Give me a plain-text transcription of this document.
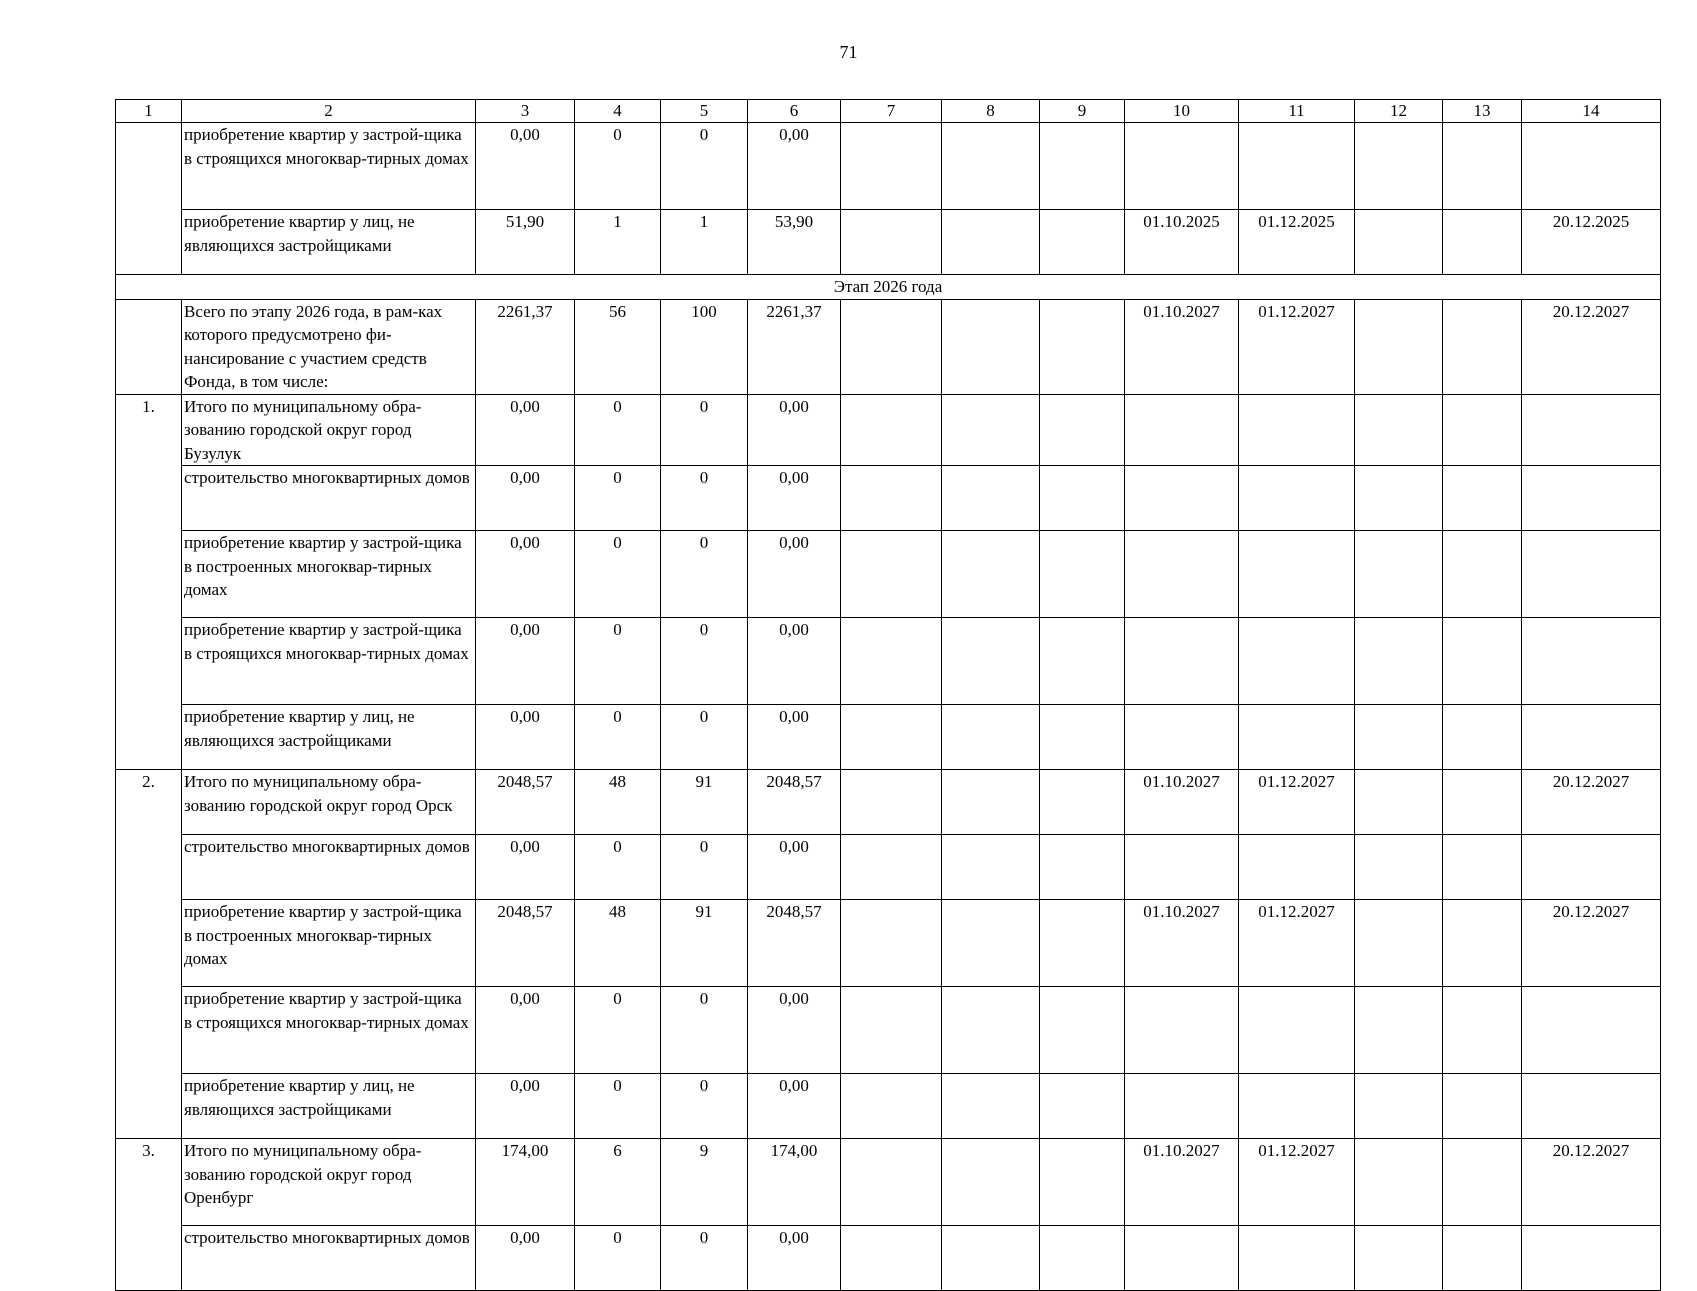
71
1	2	3	4	5	6	7	8	9	10	11	12	13	14
	приобретение квартир у застрой-щика в строящихся многоквар-тирных домах	0,00	0	0	0,00								
	приобретение квартир у лиц, не являющихся застройщиками	51,90	1	1	53,90				01.10.2025	01.12.2025			20.12.2025
Этап 2026 года													
	Всего по этапу 2026 года, в рам-ках которого предусмотрено фи-нансирование с участием средств Фонда, в том числе:	2261,37	56	100	2261,37				01.10.2027	01.12.2027			20.12.2027
1.	Итого по муниципальному обра-зованию городской округ город Бузулук	0,00	0	0	0,00								
	строительство многоквартирных домов	0,00	0	0	0,00								
	приобретение квартир у застрой-щика в построенных многоквар-тирных домах	0,00	0	0	0,00								
	приобретение квартир у застрой-щика в строящихся многоквар-тирных домах	0,00	0	0	0,00								
	приобретение квартир у лиц, не являющихся застройщиками	0,00	0	0	0,00								
2.	Итого по муниципальному обра-зованию городской округ город Орск	2048,57	48	91	2048,57				01.10.2027	01.12.2027			20.12.2027
	строительство многоквартирных домов	0,00	0	0	0,00								
	приобретение квартир у застрой-щика в построенных многоквар-тирных домах	2048,57	48	91	2048,57				01.10.2027	01.12.2027			20.12.2027
	приобретение квартир у застрой-щика в строящихся многоквар-тирных домах	0,00	0	0	0,00								
	приобретение квартир у лиц, не являющихся застройщиками	0,00	0	0	0,00								
3.	Итого по муниципальному обра-зованию городской округ город Оренбург	174,00	6	9	174,00				01.10.2027	01.12.2027			20.12.2027
	строительство многоквартирных домов	0,00	0	0	0,00								
